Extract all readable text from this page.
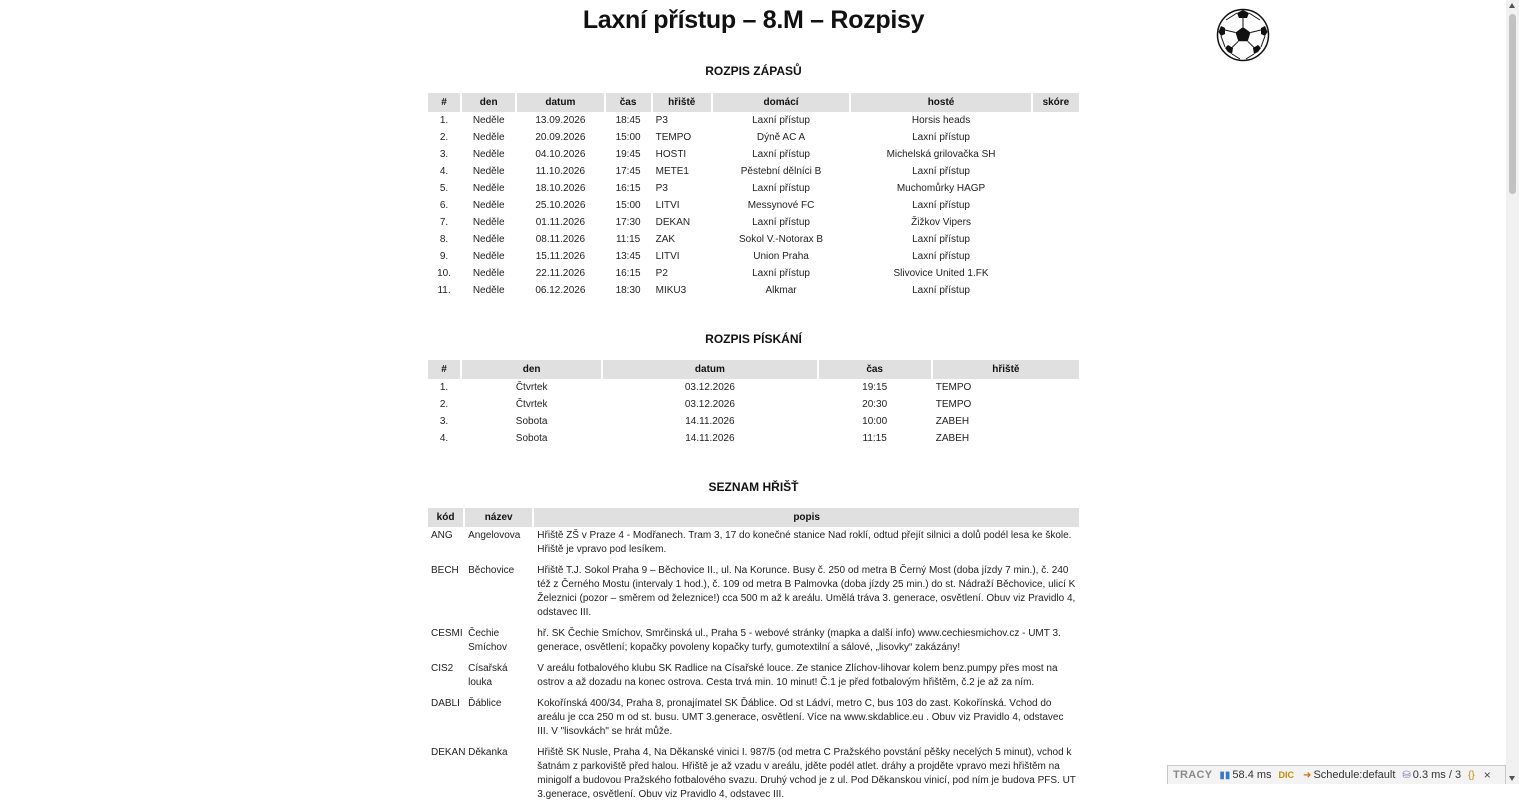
Laxní přístup – 8.M – Rozpisy
ROZPIS ZÁPASŮ
#	den	datum	čas	hřiště	domácí	hosté	skóre
1.	Neděle	13.09.2026	18:45	P3	Laxní přístup	Horsis heads	
2.	Neděle	20.09.2026	15:00	TEMPO	Dýně AC A	Laxní přístup	
3.	Neděle	04.10.2026	19:45	HOSTI	Laxní přístup	Michelská grilovačka SH	
4.	Neděle	11.10.2026	17:45	METE1	Pěstební dělníci B	Laxní přístup	
5.	Neděle	18.10.2026	16:15	P3	Laxní přístup	Muchomůrky HAGP	
6.	Neděle	25.10.2026	15:00	LITVI	Messynové FC	Laxní přístup	
7.	Neděle	01.11.2026	17:30	DEKAN	Laxní přístup	Žižkov Vipers	
8.	Neděle	08.11.2026	11:15	ZAK	Sokol V.-Notorax B	Laxní přístup	
9.	Neděle	15.11.2026	13:45	LITVI	Union Praha	Laxní přístup	
10.	Neděle	22.11.2026	16:15	P2	Laxní přístup	Slivovice United 1.FK	
11.	Neděle	06.12.2026	18:30	MIKU3	Alkmar	Laxní přístup	
ROZPIS PÍSKÁNÍ
#	den	datum	čas	hřiště
1.	Čtvrtek	03.12.2026	19:15	TEMPO
2.	Čtvrtek	03.12.2026	20:30	TEMPO
3.	Sobota	14.11.2026	10:00	ZABEH
4.	Sobota	14.11.2026	11:15	ZABEH
SEZNAM HŘIŠŤ
kód	název	popis
ANG	Angelovova	Hřiště ZŠ v Praze 4 - Modřanech. Tram 3, 17 do konečné stanice Nad roklí, odtud přejít silnici a dolů podél lesa ke škole. Hřiště je vpravo pod lesíkem.
BECH	Běchovice	Hřiště T.J. Sokol Praha 9 – Běchovice II., ul. Na Korunce. Busy č. 250 od metra B Černý Most (doba jízdy 7 min.), č. 240 též z Černého Mostu (intervaly 1 hod.), č. 109 od metra B Palmovka (doba jízdy 25 min.) do st. Nádraží Běchovice, ulicí K Železnici (pozor – směrem od železnice!) cca 500 m až k areálu. Umělá tráva 3. generace, osvětlení. Obuv viz Pravidlo 4, odstavec III.
CESMI	Čechie Smíchov	hř. SK Čechie Smíchov, Smrčinská ul., Praha 5 - webové stránky (mapka a další info) www.cechiesmichov.cz - UMT 3. generace, osvětlení; kopačky povoleny kopačky turfy, gumotextilní a sálové, „lisovky“ zakázány!
CIS2	Císařská louka	V areálu fotbalového klubu SK Radlice na Císařské louce. Ze stanice Zlíchov-lihovar kolem benz.pumpy přes most na ostrov a až dozadu na konec ostrova. Cesta trvá min. 10 minut! Č.1 je před fotbalovým hřištěm, č.2 je až za ním.
DABLI	Ďáblice	Kokořínská 400/34, Praha 8, pronajímatel SK Ďáblice. Od st Ládví, metro C, bus 103 do zast. Kokořínská. Vchod do areálu je cca 250 m od st. busu. UMT 3.generace, osvětlení. Více na www.skdablice.eu . Obuv viz Pravidlo 4, odstavec III. V "lisovkách" se hrát může.
DEKAN	Děkanka	Hřiště SK Nusle, Praha 4, Na Děkanské vinici I. 987/5 (od metra C Pražského povstání pěšky necelých 5 minut), vchod k šatnám z parkoviště před halou. Hřiště je až vzadu v areálu, jděte podél atlet. dráhy a projděte vpravo mezi hřištěm na minigolf a budovou Pražského fotbalového svazu. Druhý vchod je z ul. Pod Děkanskou vinicí, pod ním je budova PFS. UT 3.generace, osvětlení. Obuv viz Pravidlo 4, odstavec III.
TRACY ▮▮ 58.4 ms DIC ➜ Schedule:default ⛁ 0.3 ms / 3 {} ×
